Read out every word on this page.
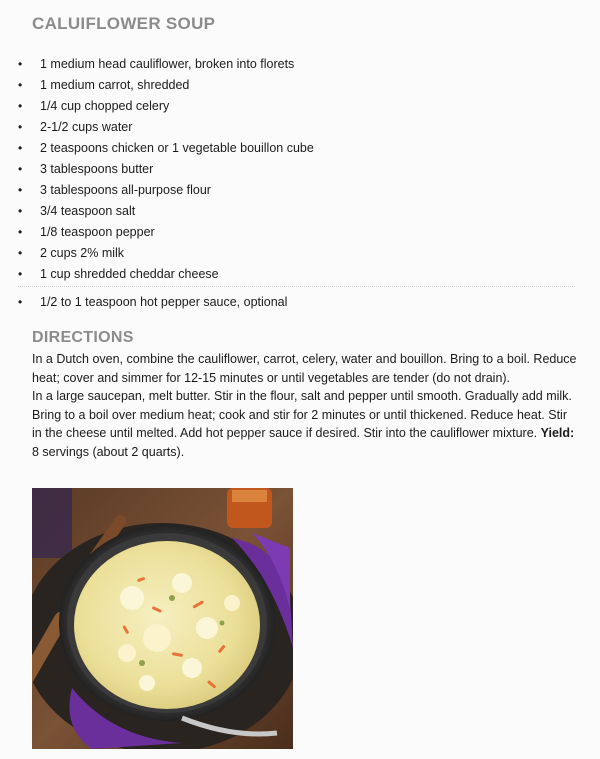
CALUIFLOWER SOUP
• 1 medium head cauliflower, broken into florets
• 1 medium carrot, shredded
• 1/4 cup chopped celery
• 2-1/2 cups water
• 2 teaspoons chicken or 1 vegetable bouillon cube
• 3 tablespoons butter
• 3 tablespoons all-purpose flour
• 3/4 teaspoon salt
• 1/8 teaspoon pepper
• 2 cups 2% milk
• 1 cup shredded cheddar cheese
• 1/2 to 1 teaspoon hot pepper sauce, optional
DIRECTIONS

In a Dutch oven, combine the cauliflower, carrot, celery, water and bouillon. Bring to a boil. Reduce heat; cover and simmer for 12-15 minutes or until vegetables are tender (do not drain).

In a large saucepan, melt butter. Stir in the flour, salt and pepper until smooth. Gradually add milk. Bring to a boil over medium heat; cook and stir for 2 minutes or until thickened. Reduce heat. Stir in the cheese until melted. Add hot pepper sauce if desired. Stir into the cauliflower mixture. Yield: 8 servings (about 2 quarts).
